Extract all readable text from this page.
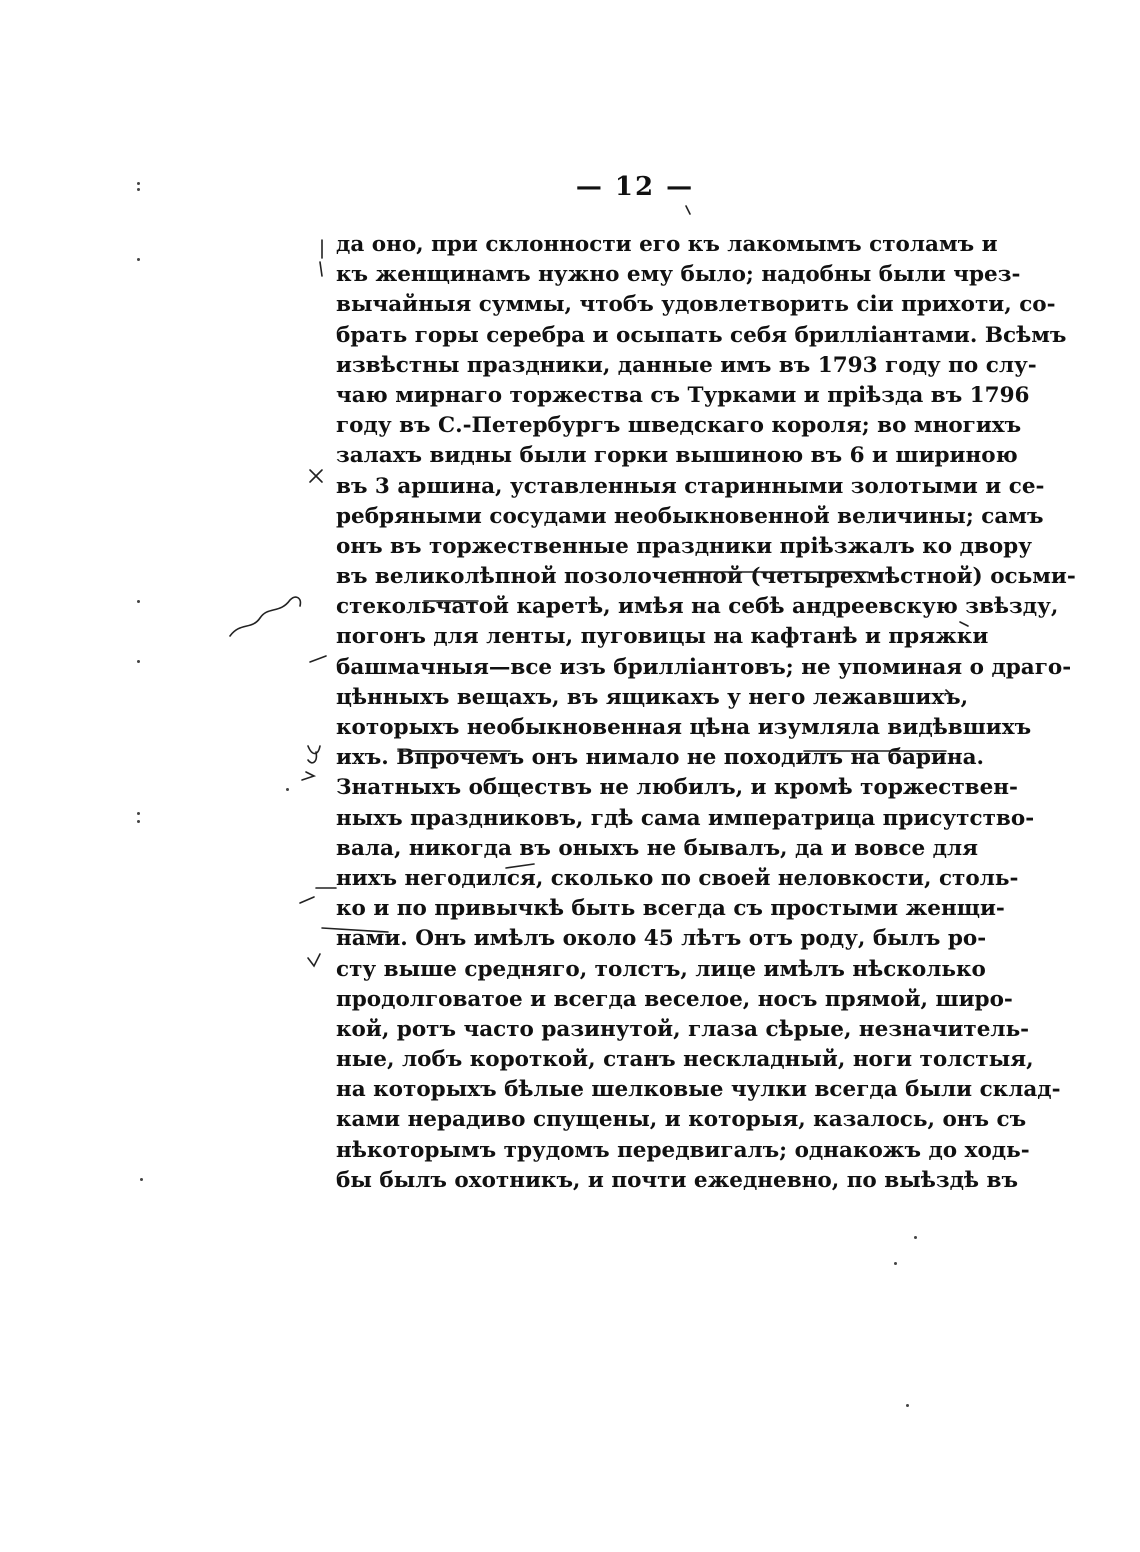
— 12 —
да оно, при склонности его къ лакомымъ столамъ и
къ женщинамъ нужно ему было; надобны были чрез-
вычайныя суммы, чтобъ удовлетворить сіи прихоти, со-
брать горы серебра и осыпать себя брилліантами. Всѣмъ
извѣстны праздники, данные имъ въ 1793 году по слу-
чаю мирнаго торжества съ Турками и пріѣзда въ 1796
году въ С.-Петербургъ шведскаго короля; во многихъ
залахъ видны были горки вышиною въ 6 и шириною
въ 3 аршина, уставленныя старинными золотыми и се-
ребряными сосудами необыкновенной величины; самъ
онъ въ торжественные праздники пріѣзжалъ ко двору
въ великолѣпной позолоченной (четырехмѣстной) осьми-
стекольчатой каретѣ, имѣя на себѣ андреевскую звѣзду,
погонъ для ленты, пуговицы на кафтанѣ и пряжки
башмачныя—все изъ брилліантовъ; не упоминая о драго-
цѣнныхъ вещахъ, въ ящикахъ у него лежавшихъ,
которыхъ необыкновенная цѣна изумляла видѣвшихъ
ихъ. Впрочемъ онъ нимало не походилъ на барина.
Знатныхъ обществъ не любилъ, и кромѣ торжествен-
ныхъ праздниковъ, гдѣ сама императрица присутство-
вала, никогда въ оныхъ не бывалъ, да и вовсе для
нихъ негодился, сколько по своей неловкости, столь-
ко и по привычкѣ быть всегда съ простыми женщи-
нами. Онъ имѣлъ около 45 лѣтъ отъ роду, былъ ро-
сту выше средняго, толстъ, лице имѣлъ нѣсколько
продолговатое и всегда веселое, носъ прямой, широ-
кой, ротъ часто разинутой, глаза сѣрые, незначитель-
ные, лобъ короткой, станъ нескладный, ноги толстыя,
на которыхъ бѣлые шелковые чулки всегда были склад-
ками нерадиво спущены, и которыя, казалось, онъ съ
нѣкоторымъ трудомъ передвигалъ; однакожъ до ходь-
бы былъ охотникъ, и почти ежедневно, по выѣздѣ въ
